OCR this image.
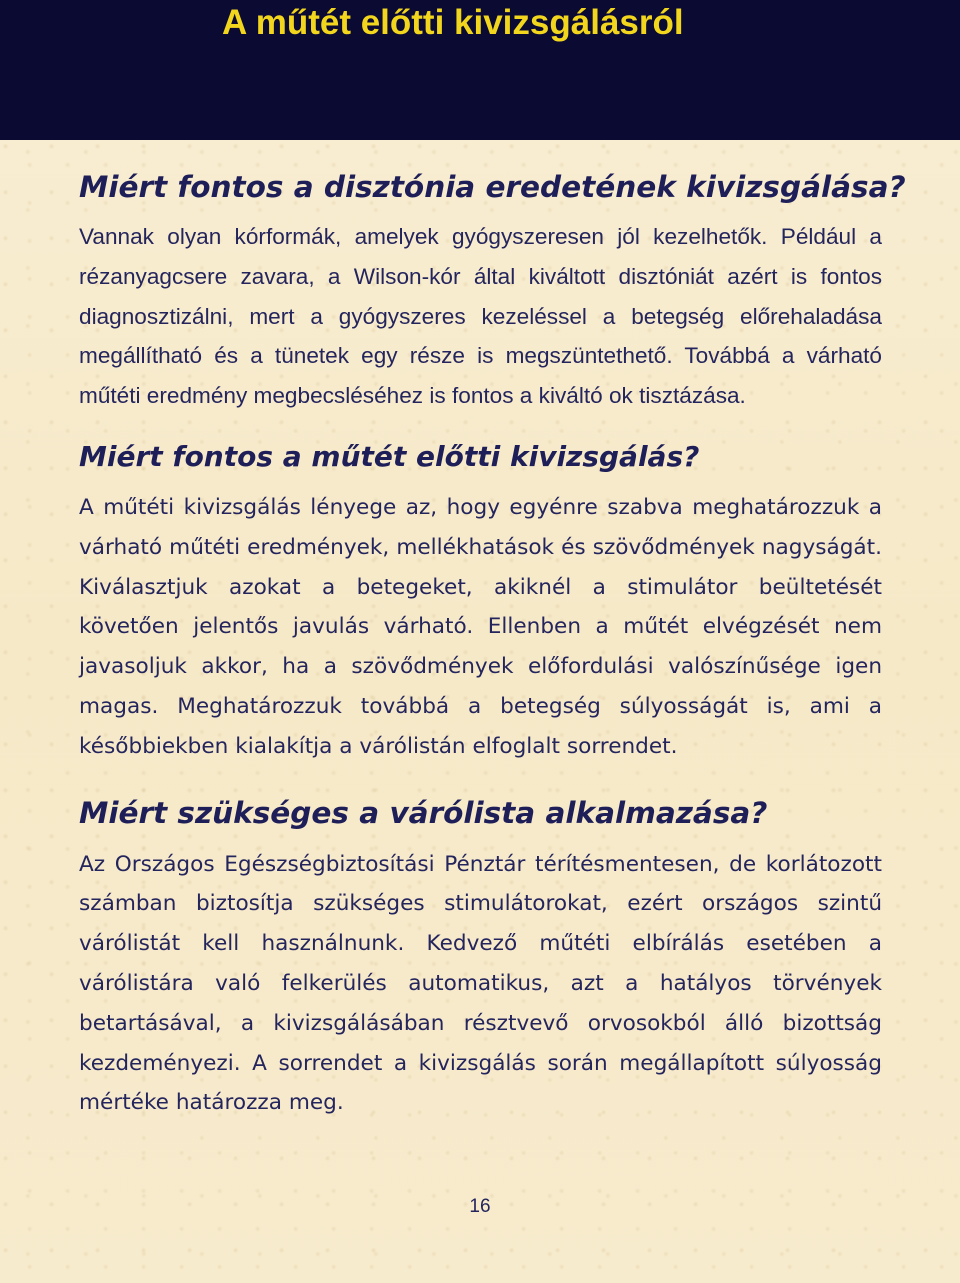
A műtét előtti kivizsgálásról
Miért fontos a disztónia eredetének kivizsgálása?

Vannak olyan kórformák, amelyek gyógyszeresen jól kezelhetők. Például a rézanyagcsere zavara, a Wilson-kór által kiváltott disztóniát azért is fontos diagnosztizálni, mert a gyógyszeres kezeléssel a betegség előrehaladása megállítható és a tünetek egy része is megszüntethető. Továbbá a várható műtéti eredmény megbecsléséhez is fontos a kiváltó ok tisztázása.

Miért fontos a műtét előtti kivizsgálás?

A műtéti kivizsgálás lényege az, hogy egyénre szabva meghatározzuk a várható műtéti eredmények, mellékhatások és szövődmények nagyságát. Kiválasztjuk azokat a betegeket, akiknél a stimulátor beültetését követően jelentős javulás várható. Ellenben a műtét elvégzését nem javasoljuk akkor, ha a szövődmények előfordulási valószínűsége igen magas. Meghatározzuk továbbá a betegség súlyosságát is, ami a későbbiekben kialakítja a várólistán elfoglalt sorrendet.

Miért szükséges a várólista alkalmazása?

Az Országos Egészségbiztosítási Pénztár térítésmentesen, de korlátozott számban biztosítja szükséges stimulátorokat, ezért országos szintű várólistát kell használnunk. Kedvező műtéti elbírálás esetében a várólistára való felkerülés automatikus, azt a hatályos törvények betartásával, a kivizsgálásában résztvevő orvosokból álló bizottság kezdeményezi. A sorrendet a kivizsgálás során megállapított súlyosság mértéke határozza meg.

16
